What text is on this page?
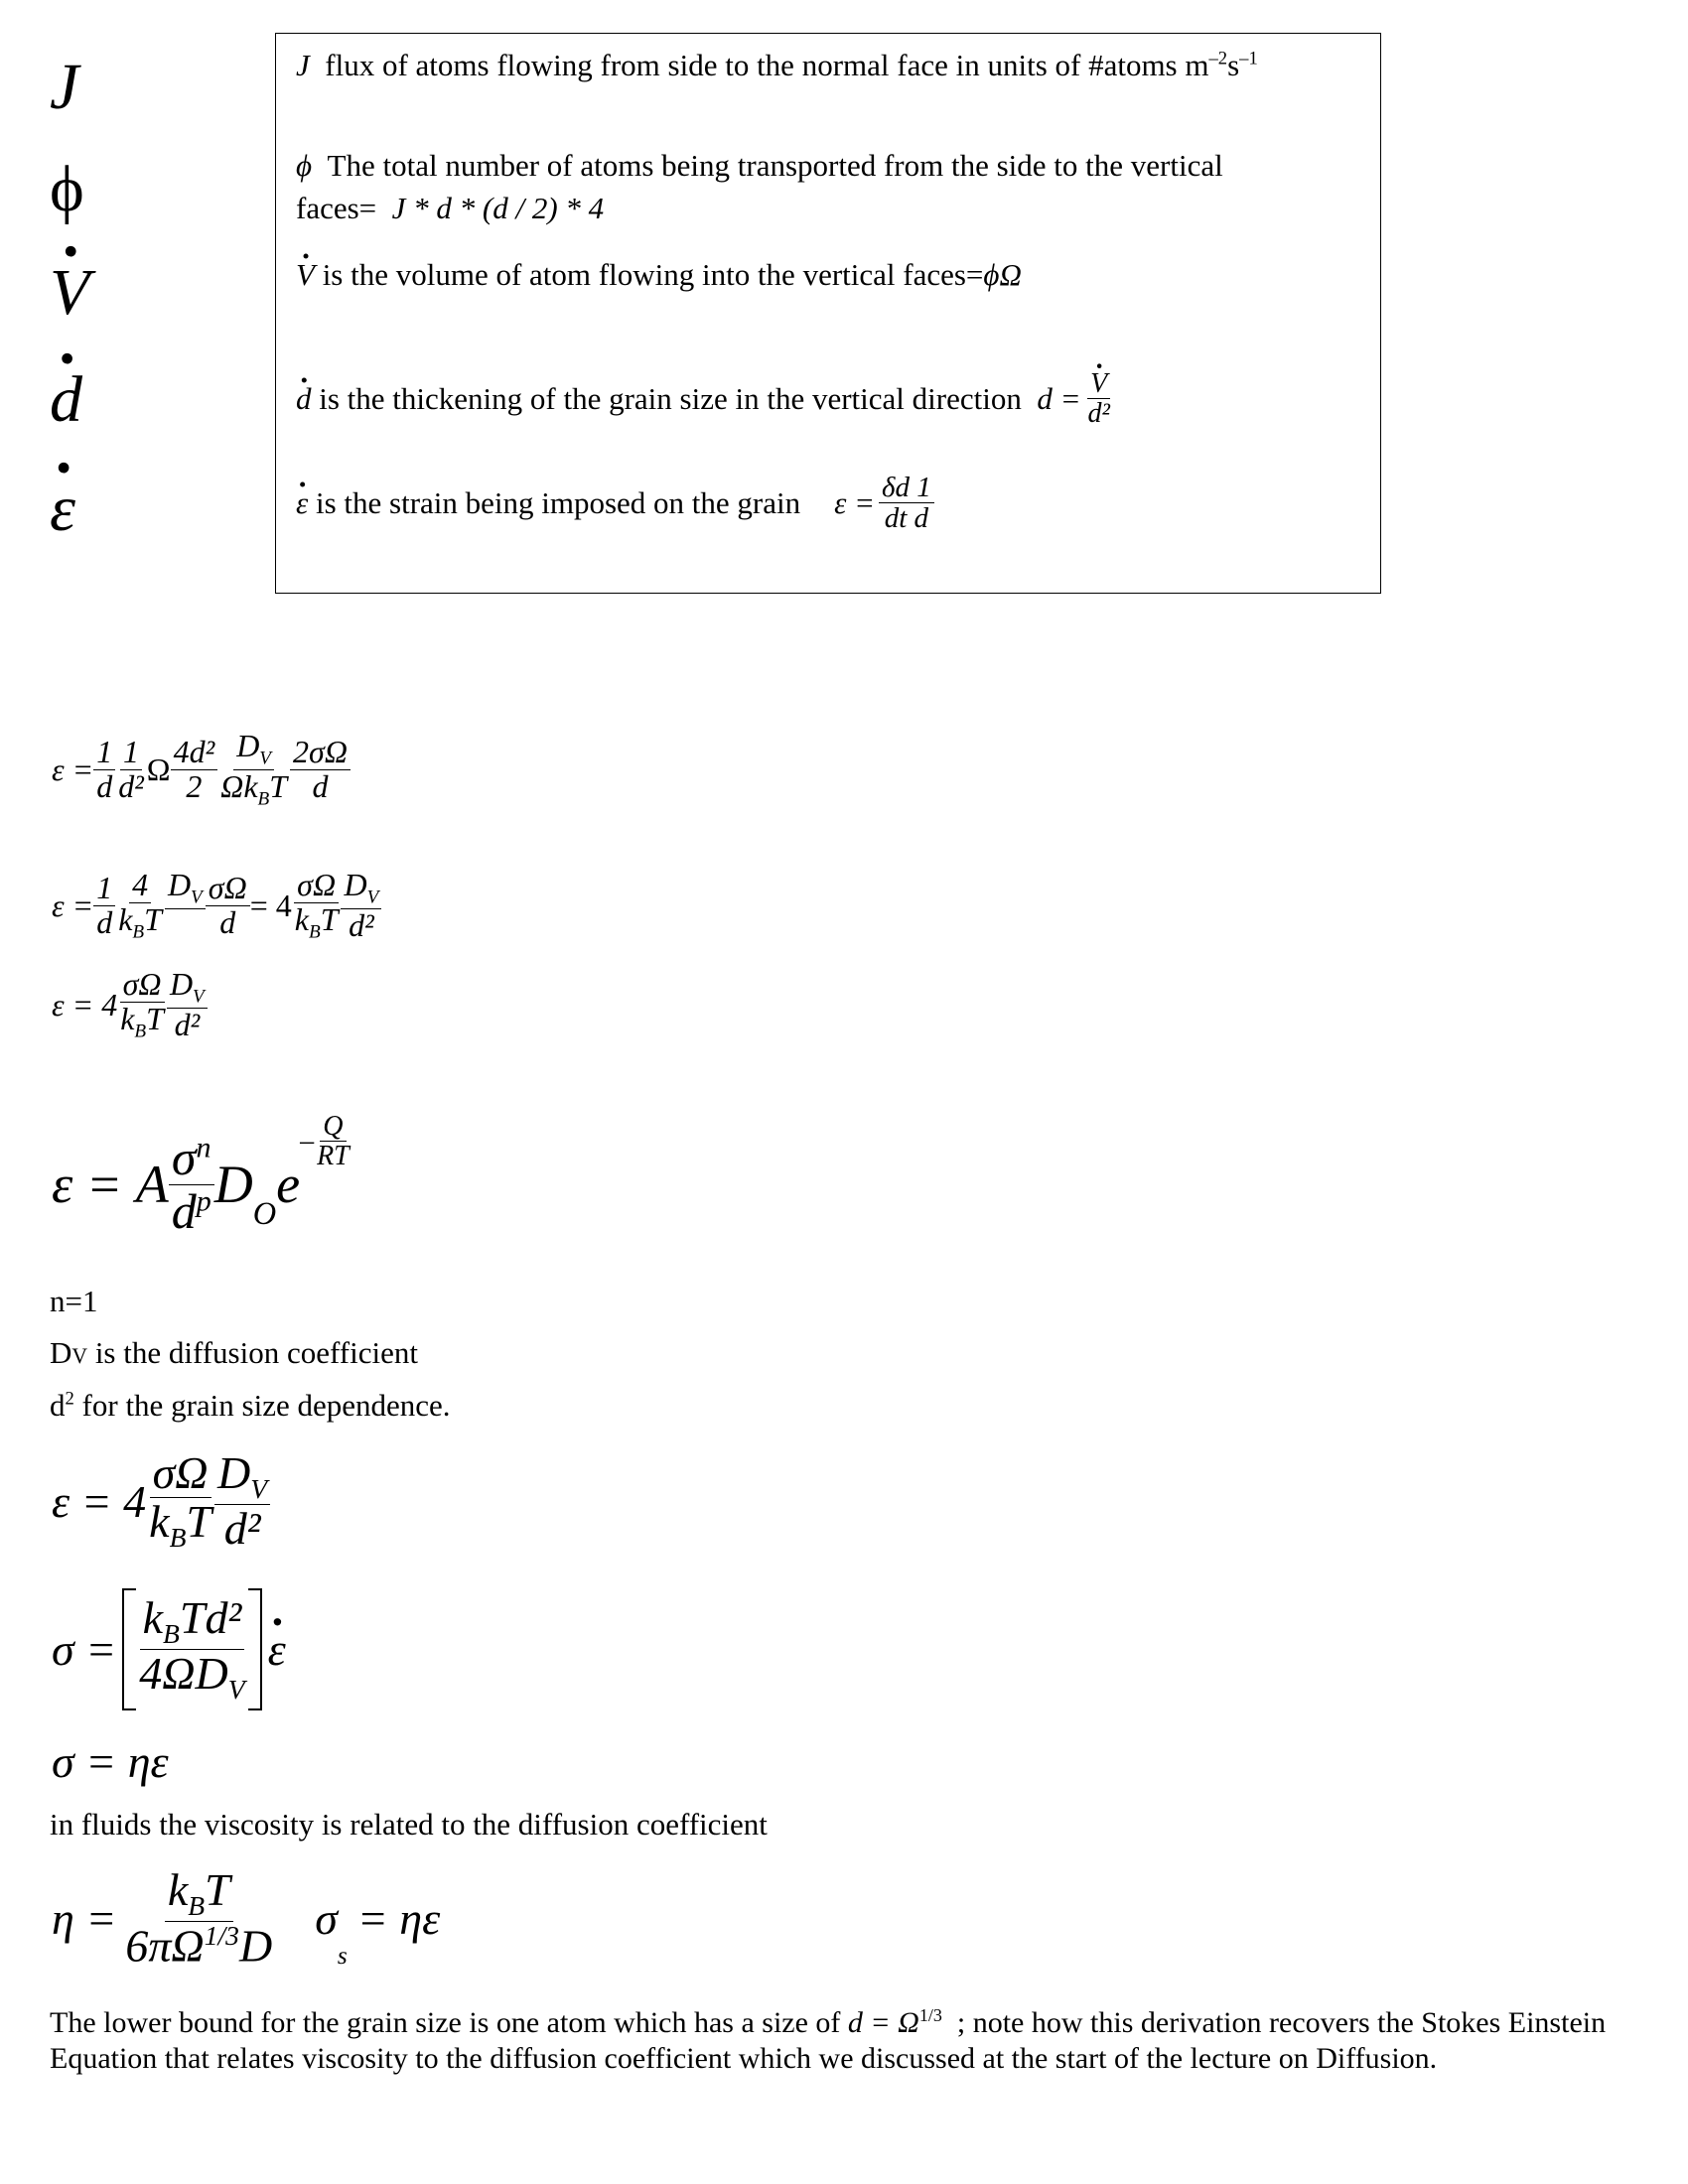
J
ϕ
· V
· d
· ε
J flux of atoms flowing from side to the normal face in units of #atoms $m^{-2}s^{-1}$
ϕ The total number of atoms being transported from the side to the vertical
faces= J * d * (d / 2) * 4
· V is the volume of atom flowing into the vertical faces=ϕΩ
· d
is the thickening of the grain size in the vertical direction
d =
· $\frac{V}{\text{d²}}$
· ε
is the strain being imposed on the grain $\varepsilon = \frac{\delta d 1}{\text{dt d}}$
$\varepsilon = \frac{1}{d} \frac{1}{\text{d²}}$ Ω $\frac{\text{4d²}}{2} \frac{D_V}{\Omega k_BT} \frac{2\sigma\Omega}{d}$
$\varepsilon = \frac{1}{d} \frac{4}{k_BT} D_V$
$\frac{\sigma\Omega}{d} = 4 \frac{\sigma\Omega}{k_BT} \frac{D_V}{\text{d²}}$
$\varepsilon = 4 \frac{\sigma\Omega}{k_BT} \frac{D_V}{\text{d²}}$
ε = A $\frac{\sigma^n}{d^p} D_O$ e
– $\frac{Q}{RT}$
n=1
DV is the diffusion coefficient
$d^2$ for the grain size dependence.
$\varepsilon = 4 \frac{\sigma\Omega}{k_BT} \frac{D_V}{\text{d²}}$
$\sigma = \frac{k_BTd^2}{4\Omega D_V}$
· ε
σ = ηε
in fluids the viscosity is related to the diffusion coefficient
$\eta = \frac{k_BT}{6\pi\Omega^{1/3}D}$ σ
$_s$
= ηε
The lower bound for the grain size is one atom which has a size of $d = \Omega^{1/3}$ ; note how this derivation recovers the Stokes Einstein Equation that relates viscosity to the diffusion coefficient which we discussed at the start of the lecture on Diffusion.
